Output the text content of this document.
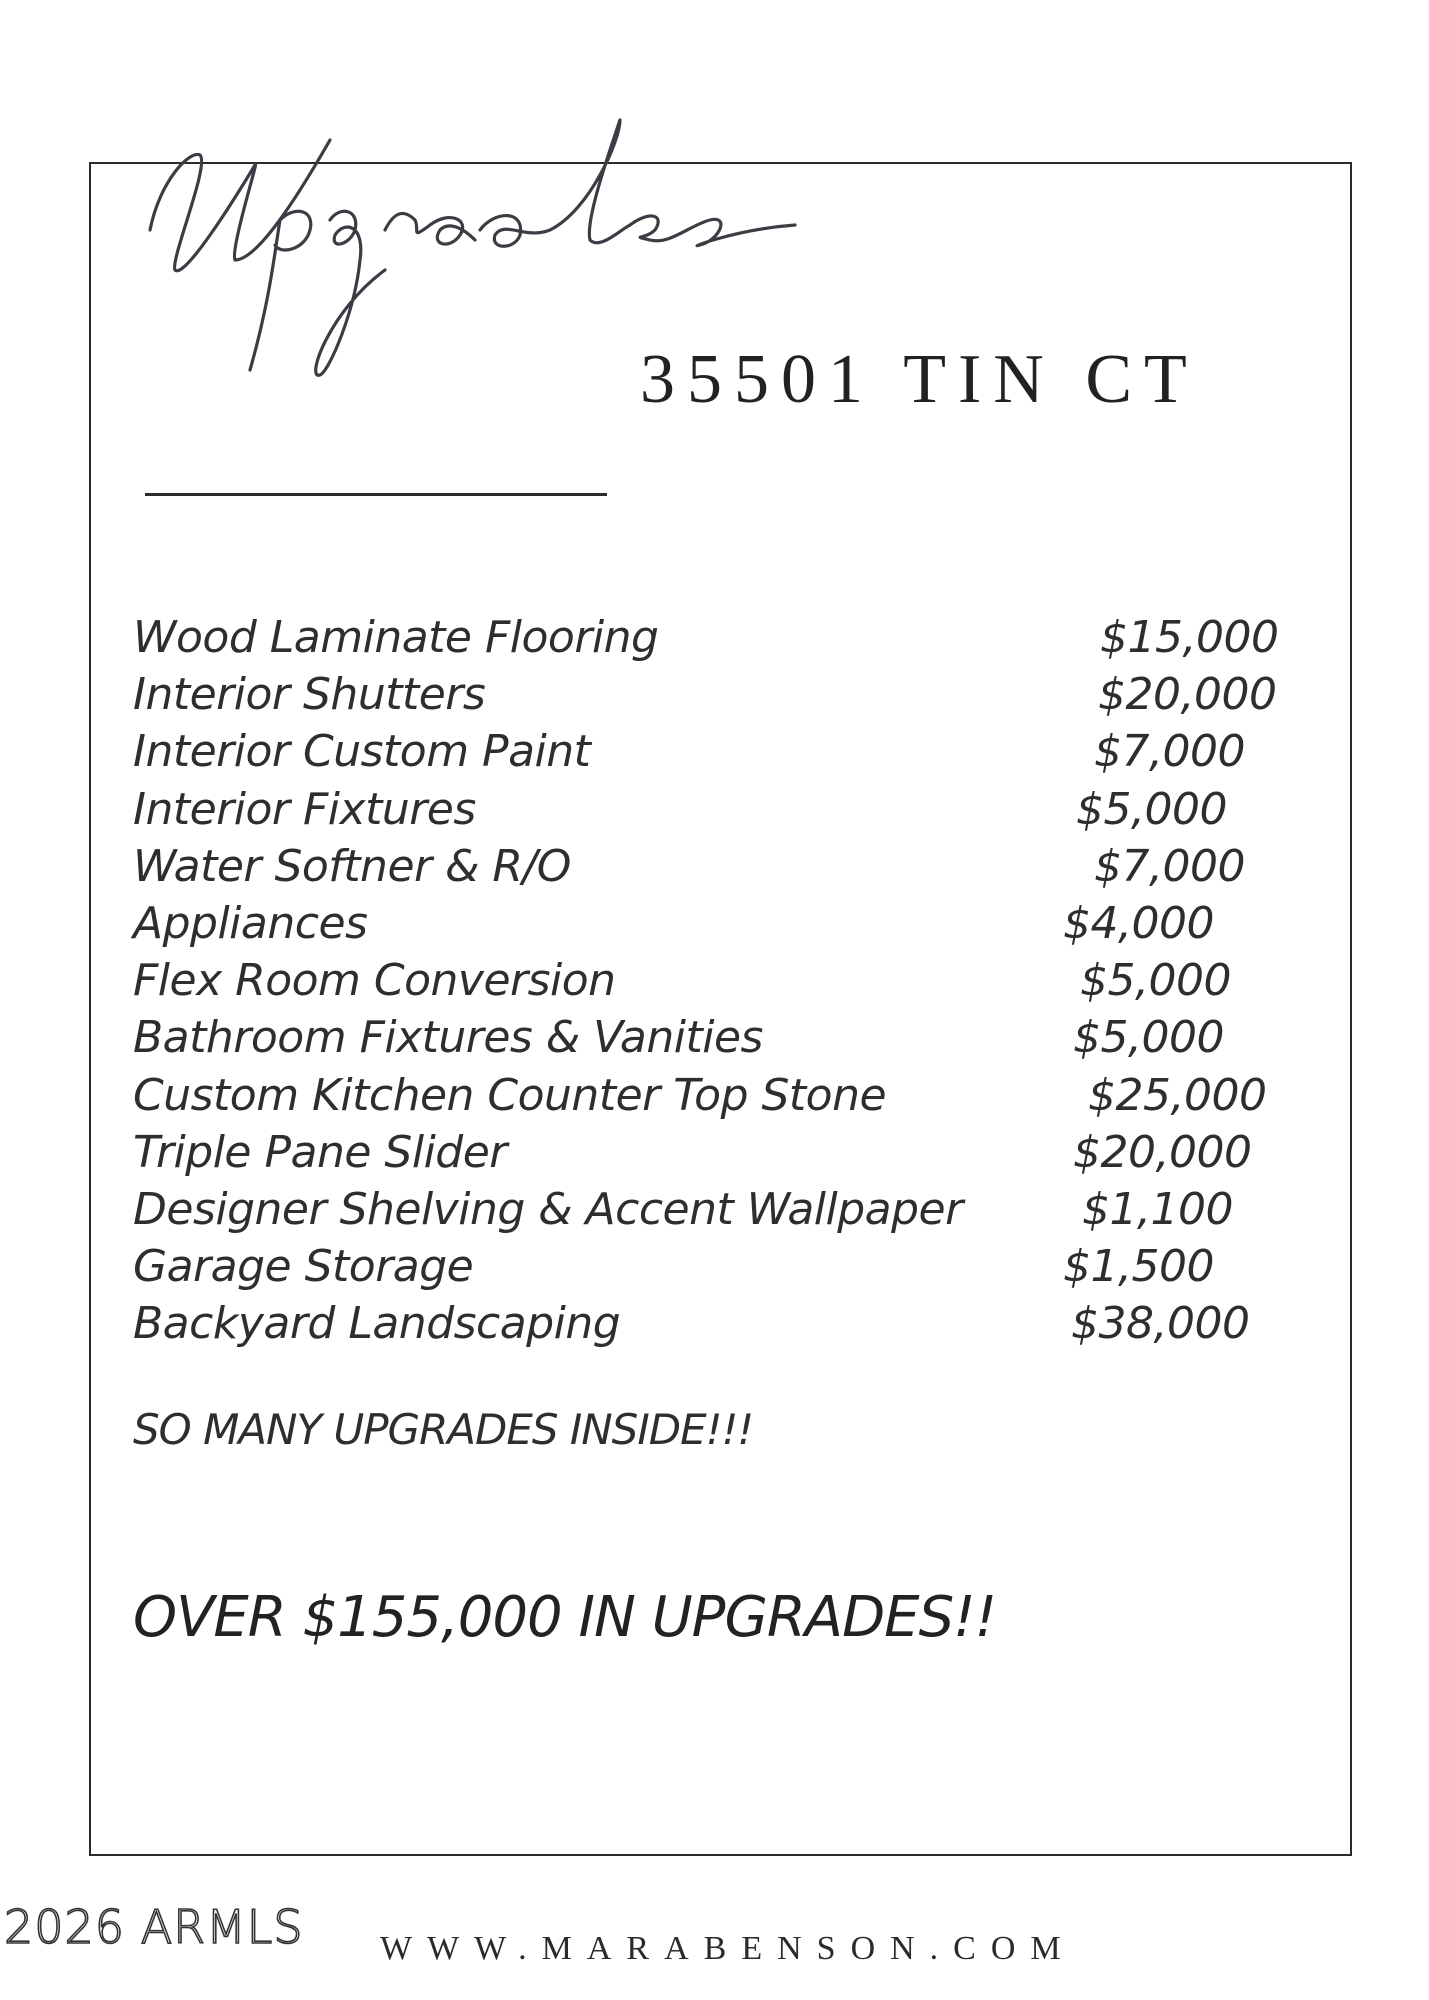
35501 TIN CT
Wood Laminate Flooring	$15,000
Interior Shutters	$20,000
Interior Custom Paint	$7,000
Interior Fixtures	$5,000
Water Softner & R/O	$7,000
Appliances	$4,000
Flex Room Conversion	$5,000
Bathroom Fixtures & Vanities	$5,000
Custom Kitchen Counter Top Stone	$25,000
Triple Pane Slider	$20,000
Designer Shelving & Accent Wallpaper	$1,100
Garage Storage	$1,500
Backyard Landscaping	$38,000
SO MANY UPGRADES INSIDE!!!
OVER $155,000 IN UPGRADES!!
2026 ARMLS WWW.MARABENSON.COM
